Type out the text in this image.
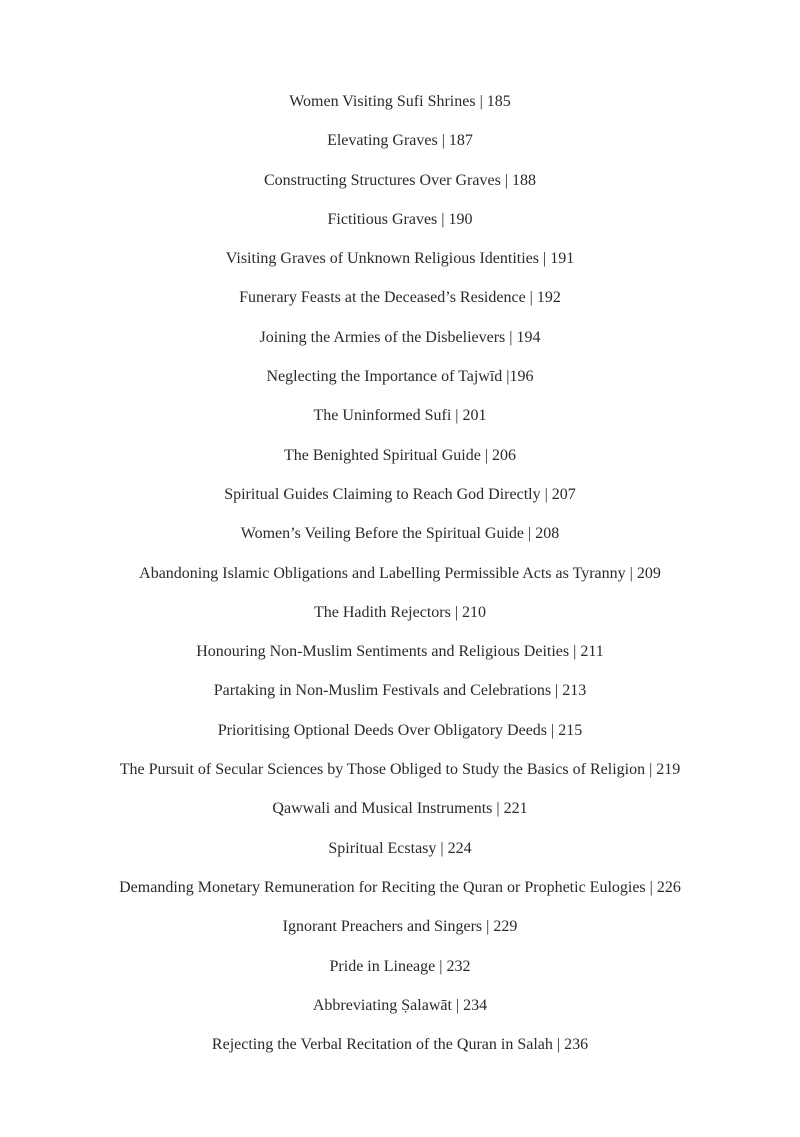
Women Visiting Sufi Shrines | 185
Elevating Graves | 187
Constructing Structures Over Graves | 188
Fictitious Graves | 190
Visiting Graves of Unknown Religious Identities | 191
Funerary Feasts at the Deceased’s Residence | 192
Joining the Armies of the Disbelievers | 194
Neglecting the Importance of Tajwīd |196
The Uninformed Sufi | 201
The Benighted Spiritual Guide | 206
Spiritual Guides Claiming to Reach God Directly | 207
Women’s Veiling Before the Spiritual Guide | 208
Abandoning Islamic Obligations and Labelling Permissible Acts as Tyranny | 209
The Hadith Rejectors | 210
Honouring Non-Muslim Sentiments and Religious Deities | 211
Partaking in Non-Muslim Festivals and Celebrations | 213
Prioritising Optional Deeds Over Obligatory Deeds | 215
The Pursuit of Secular Sciences by Those Obliged to Study the Basics of Religion | 219
Qawwali and Musical Instruments | 221
Spiritual Ecstasy | 224
Demanding Monetary Remuneration for Reciting the Quran or Prophetic Eulogies | 226
Ignorant Preachers and Singers | 229
Pride in Lineage | 232
Abbreviating Ṣalawāt | 234
Rejecting the Verbal Recitation of the Quran in Salah | 236
